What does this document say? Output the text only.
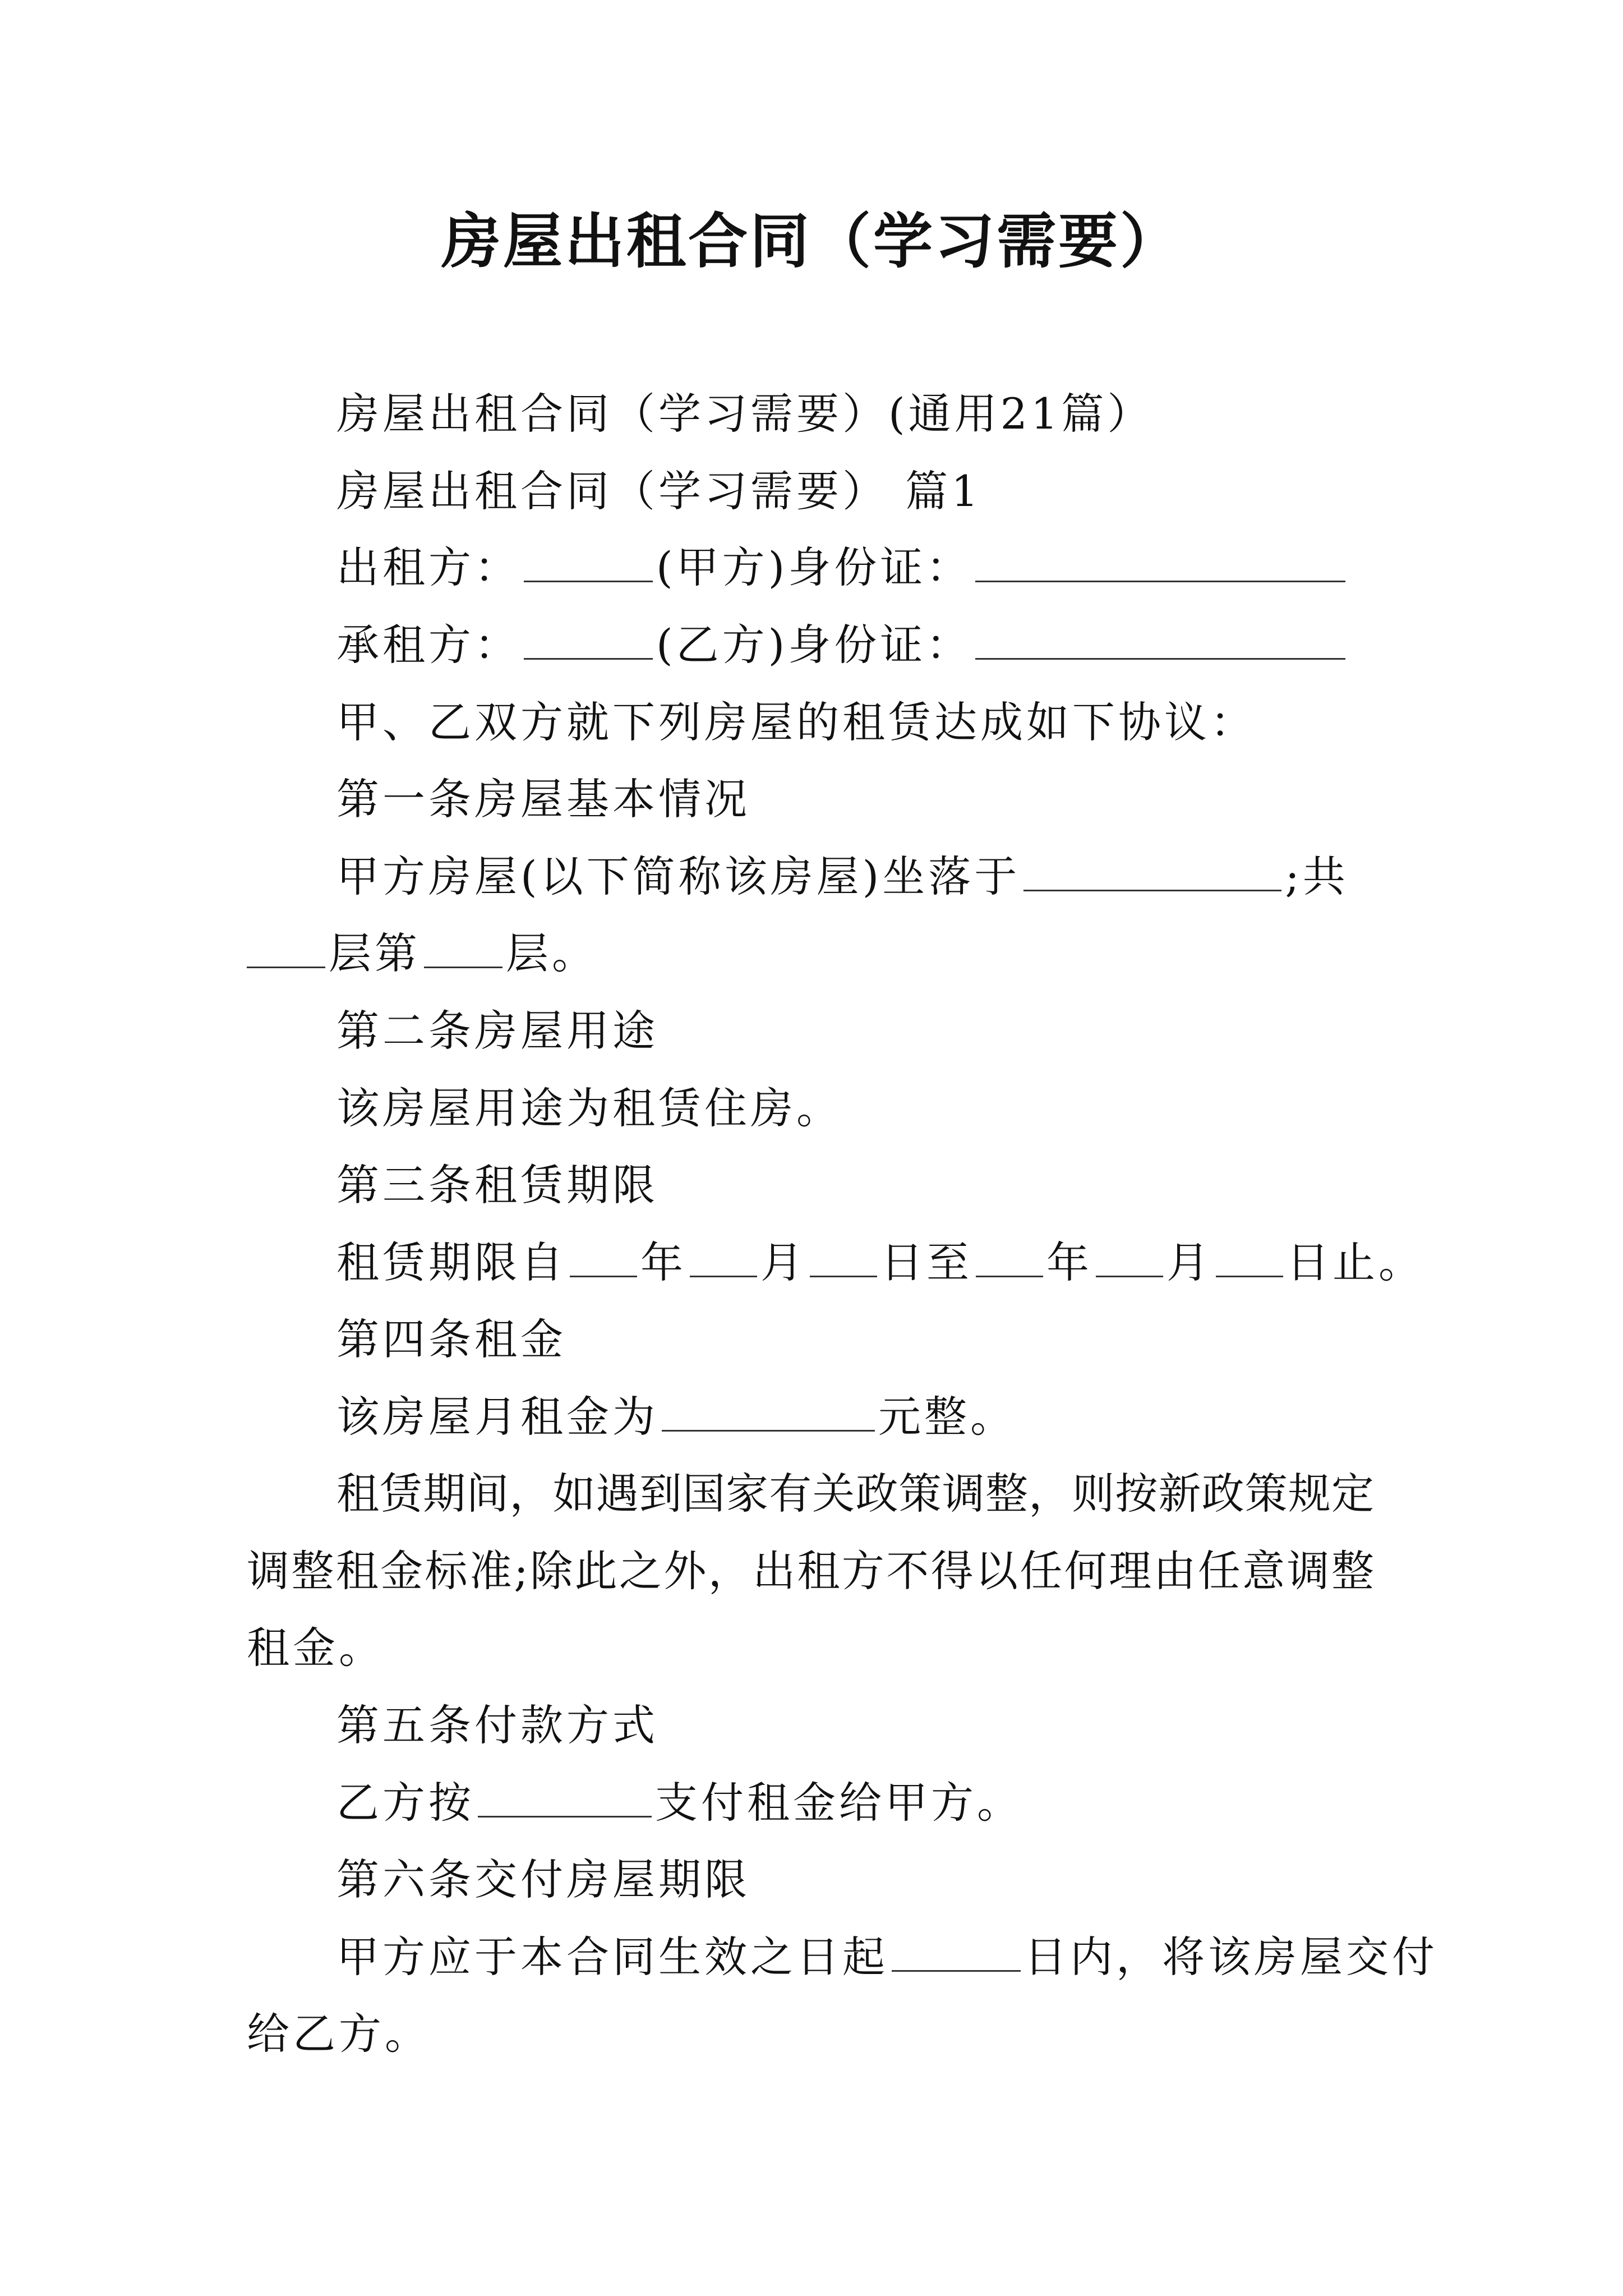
房屋出租合同（学习需要）
房屋出租合同（学习需要）(通用21篇）
房屋出租合同（学习需要） 篇1
出租方：	(甲方)身份证：
承租方：	(乙方)身份证：
甲、乙双方就下列房屋的租赁达成如下协议：
第一条房屋基本情况
甲方房屋(以下简称该房屋)坐落于	;共
层第 层。
第二条房屋用途
该房屋用途为租赁住房。
第三条租赁期限
租赁期限自 年 月 日至 年 月 日止。
第四条租金
该房屋月租金为	元整。
租赁期间，如遇到国家有关政策调整，则按新政策规定
调整租金标准;除此之外，出租方不得以任何理由任意调整
租金。
第五条付款方式
乙方按	支付租金给甲方。
第六条交付房屋期限
甲方应于本合同生效之日起	日内，将该房屋交付
给乙方。
